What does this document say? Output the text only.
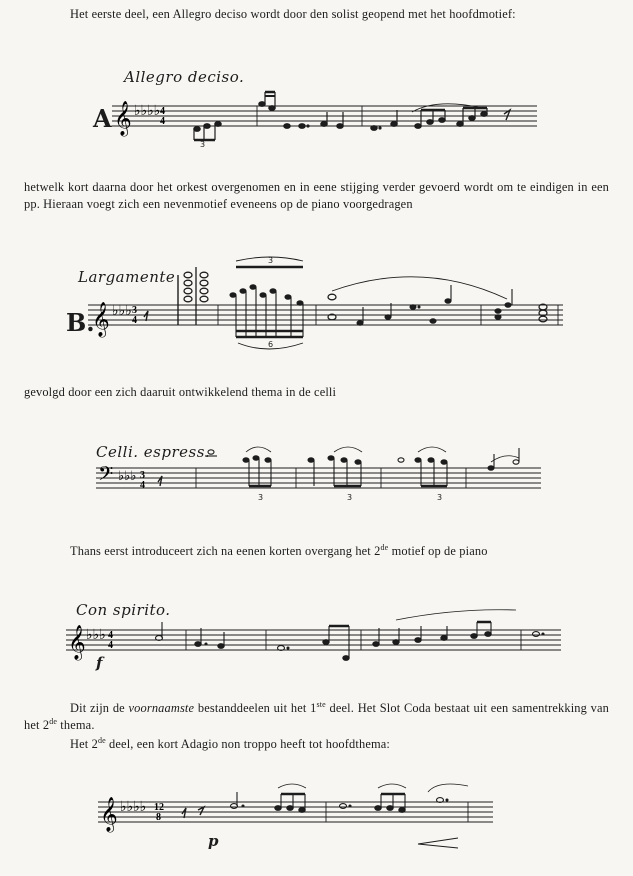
Het eerste deel, een Allegro deciso wordt door den solist geopend met het hoofdmotief:
Allegro deciso.
A 𝄞 ♭♭♭♭ 4
4
3
hetwelk kort daarna door het orkest overgenomen en in eene stijging verder gevoerd wordt om te eindigen in een pp. Hieraan voegt zich een nevenmotief eveneens op de piano voorgedragen
Largamente
B.
𝄞 ♭♭♭ 3
4
3
6
gevolgd door een zich daaruit ontwikkelend thema in de celli
Celli. espress.
𝄢 ♭♭♭ 3
4
3	3	3
Thans eerst introduceert zich na eenen korten overgang het 2de motief op de piano
Con spirito.
𝄞 ♭♭♭ 4
4
f
Dit zijn de voornaamste bestanddeelen uit het 1ste deel. Het Slot Coda bestaat uit een samentrekking van het 2de thema.
Het 2de deel, een kort Adagio non troppo heeft tot hoofdthema:
𝄞 ♭♭♭♭ 12
8
p
